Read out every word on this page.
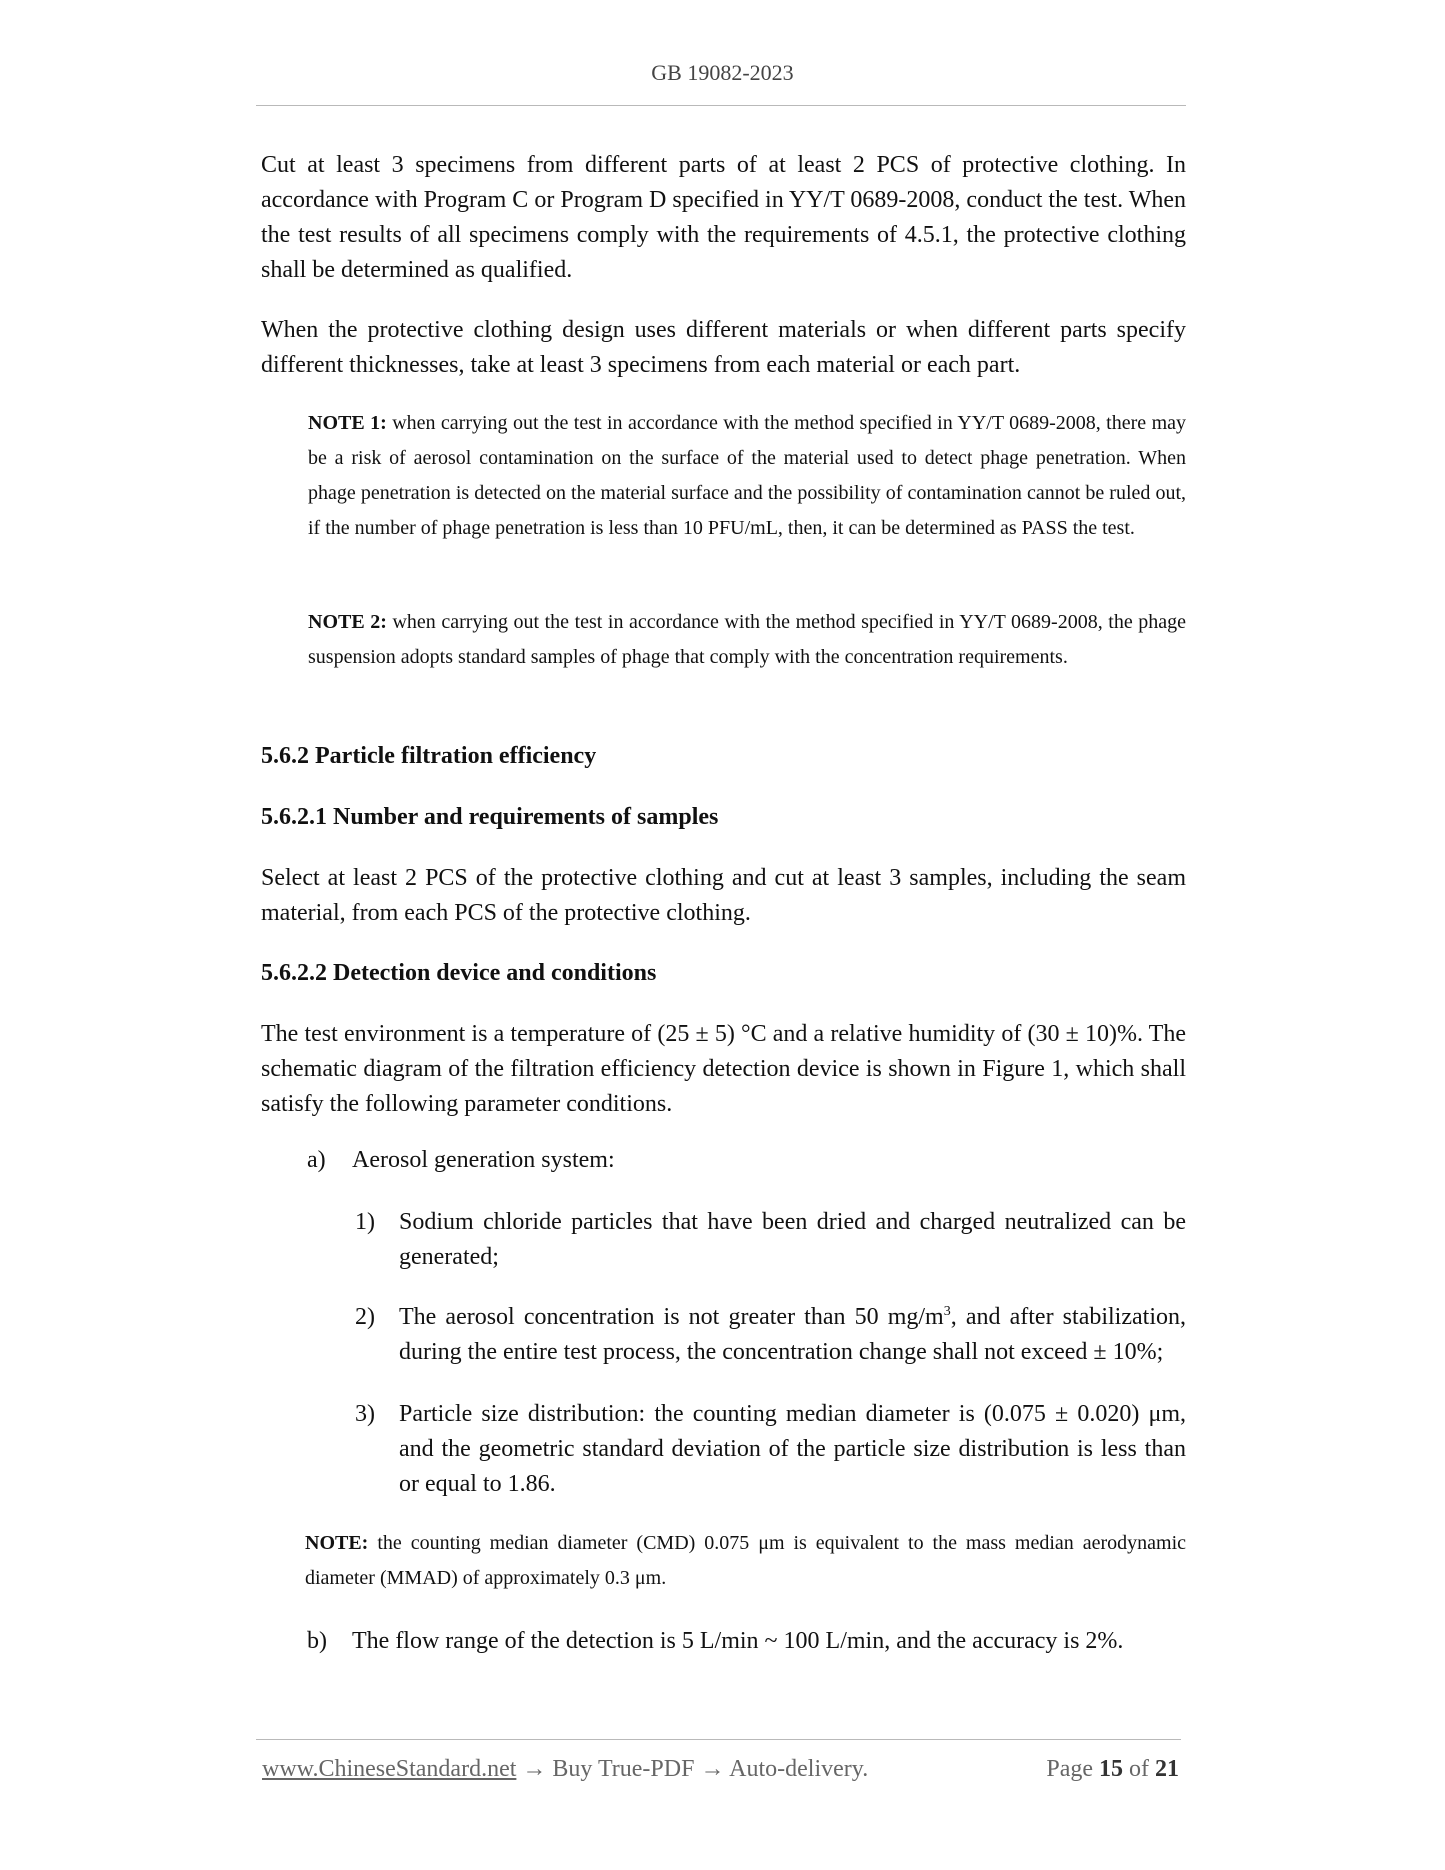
GB 19082-2023

Cut at least 3 specimens from different parts of at least 2 PCS of protective clothing. In accordance with Program C or Program D specified in YY/T 0689-2008, conduct the test. When the test results of all specimens comply with the requirements of 4.5.1, the protective clothing shall be determined as qualified.

When the protective clothing design uses different materials or when different parts specify different thicknesses, take at least 3 specimens from each material or each part.

NOTE 1: when carrying out the test in accordance with the method specified in YY/T 0689-2008, there may be a risk of aerosol contamination on the surface of the material used to detect phage penetration. When phage penetration is detected on the material surface and the possibility of contamination cannot be ruled out, if the number of phage penetration is less than 10 PFU/mL, then, it can be determined as PASS the test.
NOTE 2: when carrying out the test in accordance with the method specified in YY/T 0689-2008, the phage suspension adopts standard samples of phage that comply with the concentration requirements.

5.6.2 Particle filtration efficiency

5.6.2.1 Number and requirements of samples

Select at least 2 PCS of the protective clothing and cut at least 3 samples, including the seam material, from each PCS of the protective clothing.

5.6.2.2 Detection device and conditions

The test environment is a temperature of (25 ± 5) °C and a relative humidity of (30 ± 10)%. The schematic diagram of the filtration efficiency detection device is shown in Figure 1, which shall satisfy the following parameter conditions.

a) Aerosol generation system:
1) Sodium chloride particles that have been dried and charged neutralized can be generated;
2) The aerosol concentration is not greater than 50 $mg/m^3$, and after stabilization, during the entire test process, the concentration change shall not exceed ± 10%;
3) Particle size distribution: the counting median diameter is (0.075 ± 0.020) μm, and the geometric standard deviation of the particle size distribution is less than or equal to 1.86.
NOTE: the counting median diameter (CMD) 0.075 μm is equivalent to the mass median aerodynamic diameter (MMAD) of approximately 0.3 μm.
b) The flow range of the detection is 5 L/min ~ 100 L/min, and the accuracy is 2%.
www.ChineseStandard.net → Buy True-PDF → Auto-delivery.	Page 15 of 21
